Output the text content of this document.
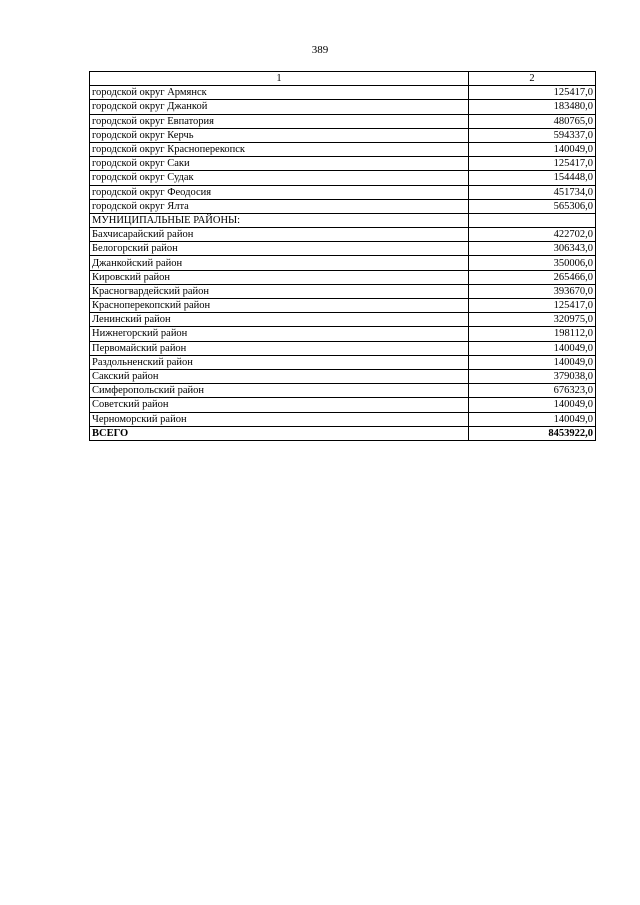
389
1	2
городской округ Армянск	125417,0
городской округ Джанкой	183480,0
городской округ Евпатория	480765,0
городской округ Керчь	594337,0
городской округ Красноперекопск	140049,0
городской округ Саки	125417,0
городской округ Судак	154448,0
городской округ Феодосия	451734,0
городской округ Ялта	565306,0
МУНИЦИПАЛЬНЫЕ РАЙОНЫ:	
Бахчисарайский район	422702,0
Белогорский район	306343,0
Джанкойский район	350006,0
Кировский район	265466,0
Красногвардейский район	393670,0
Красноперекопский район	125417,0
Ленинский район	320975,0
Нижнегорский район	198112,0
Первомайский район	140049,0
Раздольненский район	140049,0
Сакский район	379038,0
Симферопольский район	676323,0
Советский район	140049,0
Черноморский район	140049,0
ВСЕГО	8453922,0
